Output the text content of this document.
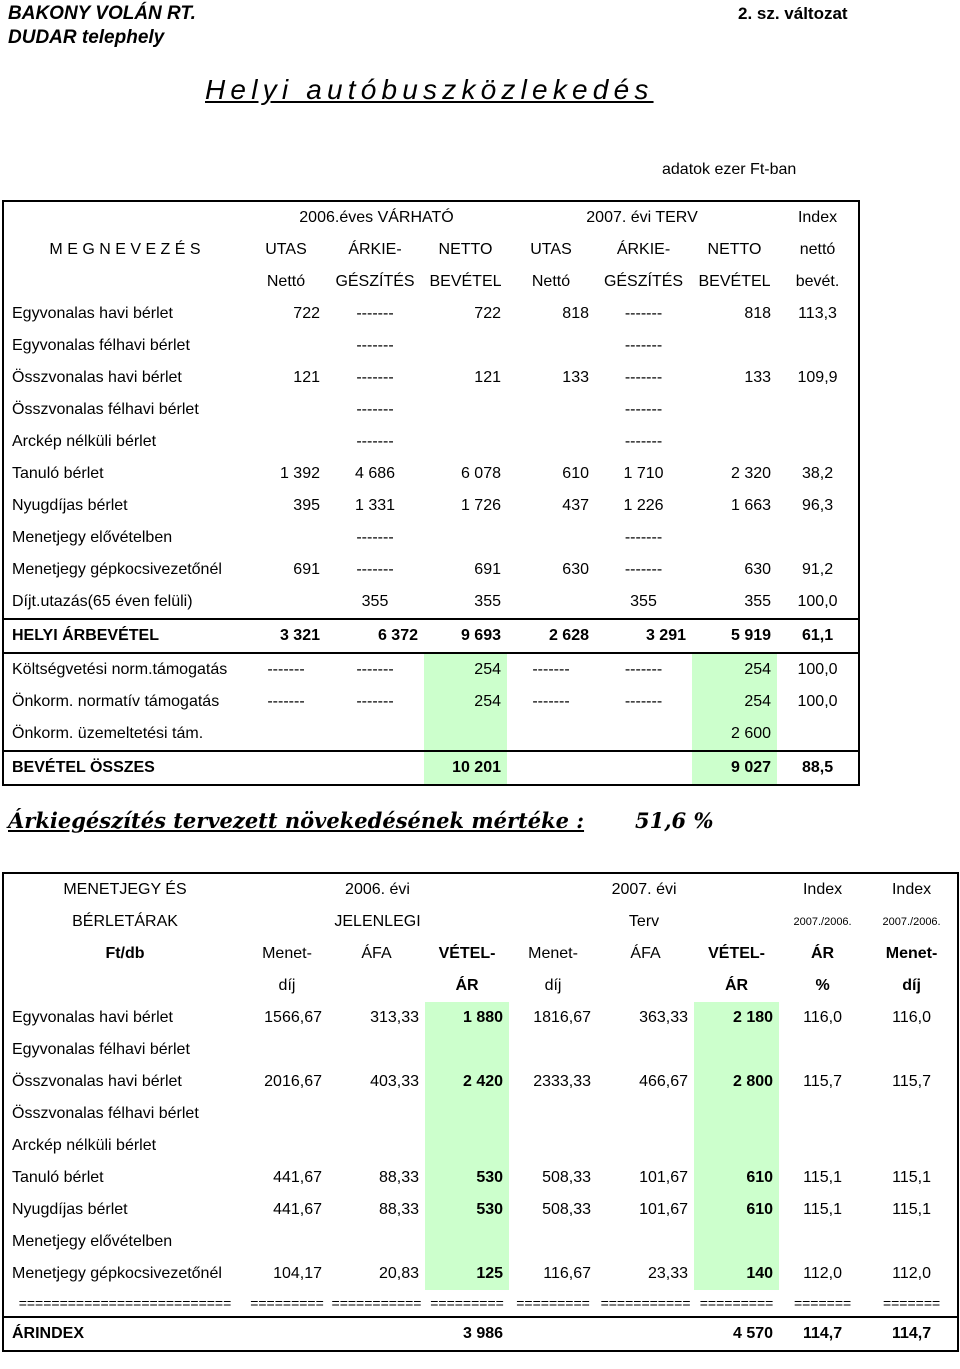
BAKONY VOLÁN RT.
DUDAR telephely
2. sz. változat
Helyi autóbuszközlekedés
adatok ezer Ft-ban
	2006.éves VÁRHATÓ			2007. évi TERV			Index
M E G N E V E Z É S	UTAS	ÁRKIE-	NETTO	UTAS	ÁRKIE-	NETTO	nettó
	Nettó	GÉSZÍTÉS	BEVÉTEL	Nettó	GÉSZÍTÉS	BEVÉTEL	bevét.
Egyvonalas havi bérlet	722	-------	722	818	-------	818	113,3
Egyvonalas félhavi bérlet		-------			-------		
Összvonalas havi bérlet	121	-------	121	133	-------	133	109,9
Összvonalas félhavi bérlet		-------			-------		
Arckép nélküli bérlet		-------			-------		
Tanuló bérlet	1 392	4 686	6 078	610	1 710	2 320	38,2
Nyugdíjas bérlet	395	1 331	1 726	437	1 226	1 663	96,3
Menetjegy elővételben		-------			-------		
Menetjegy gépkocsivezetőnél	691	-------	691	630	-------	630	91,2
Díjt.utazás(65 éven felüli)		355	355		355	355	100,0
HELYI ÁRBEVÉTEL	3 321	6 372	9 693	2 628	3 291	5 919	61,1
Költségvetési norm.támogatás	-------	-------	254	-------	-------	254	100,0
Önkorm. normatív támogatás	-------	-------	254	-------	-------	254	100,0
Önkorm. üzemeltetési tám.						2 600	
BEVÉTEL ÖSSZES			10 201			9 027	88,5
Árkiegészítés tervezett növekedésének mértéke : 51,6 %
MENETJEGY ÉS	2006. évi			2007. évi			Index	Index
BÉRLETÁRAK	JELENLEGI			Terv			2007./2006.	2007./2006.
Ft/db	Menet-	ÁFA	VÉTEL-	Menet-	ÁFA	VÉTEL-	ÁR	Menet-
	díj		ÁR	díj		ÁR	%	díj
Egyvonalas havi bérlet	1566,67	313,33	1 880	1816,67	363,33	2 180	116,0	116,0
Egyvonalas félhavi bérlet								
Összvonalas havi bérlet	2016,67	403,33	2 420	2333,33	466,67	2 800	115,7	115,7
Összvonalas félhavi bérlet								
Arckép nélküli bérlet								
Tanuló bérlet	441,67	88,33	530	508,33	101,67	610	115,1	115,1
Nyugdíjas bérlet	441,67	88,33	530	508,33	101,67	610	115,1	115,1
Menetjegy elővételben								
Menetjegy gépkocsivezetőnél	104,17	20,83	125	116,67	23,33	140	112,0	112,0
==========================	=========	===========	=========	=========	===========	=========	=======	=======
ÁRINDEX			3 986			4 570	114,7	114,7
